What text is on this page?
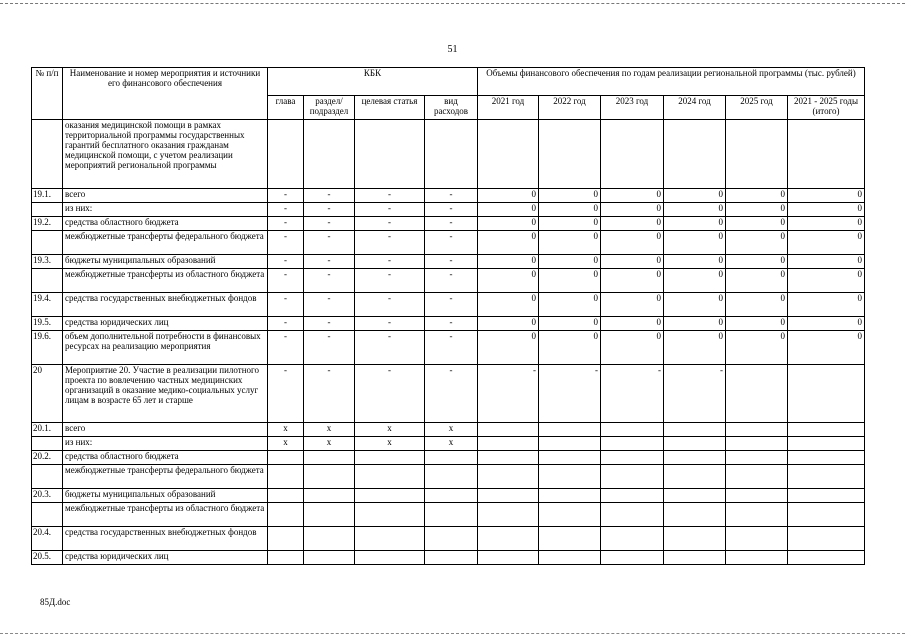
51
№ п/п	Наименование и номер мероприятия и источники его финансового обеспечения	КБК				Объемы финансового обеспечения по годам реализации региональной программы (тыс. рублей)					
		глава	раздел/ подраздел	целевая статья	вид расходов	2021 год	2022 год	2023 год	2024 год	2025 год	2021 - 2025 годы (итого)
	оказания медицинской помощи в рамках территориальной программы государственных гарантий бесплатного оказания гражданам медицинской помощи, с учетом реализации мероприятий региональной программы										
19.1.	всего	-	-	-	-	0	0	0	0	0	0
	из них:	-	-	-	-	0	0	0	0	0	0
19.2.	средства областного бюджета	-	-	-	-	0	0	0	0	0	0
	межбюджетные трансферты федерального бюджета	-	-	-	-	0	0	0	0	0	0
19.3.	бюджеты муниципальных образований	-	-	-	-	0	0	0	0	0	0
	межбюджетные трансферты из областного бюджета	-	-	-	-	0	0	0	0	0	0
19.4.	средства государственных внебюджетных фондов	-	-	-	-	0	0	0	0	0	0
19.5.	средства юридических лиц	-	-	-	-	0	0	0	0	0	0
19.6.	объем дополнительной потребности в финансовых ресурсах на реализацию мероприятия	-	-	-	-	0	0	0	0	0	0
20	Мероприятие 20. Участие в реализации пилотного проекта по вовлечению частных медицинских организаций в оказание медико-социальных услуг лицам в возрасте 65 лет и старше	-	-	-	-	-	-	-	-		
20.1.	всего	x	x	x	x						
	из них:	x	x	x	x						
20.2.	средства областного бюджета										
	межбюджетные трансферты федерального бюджета										
20.3.	бюджеты муниципальных образований										
	межбюджетные трансферты из областного бюджета										
20.4.	средства государственных внебюджетных фондов										
20.5.	средства юридических лиц										
85Д.doc
